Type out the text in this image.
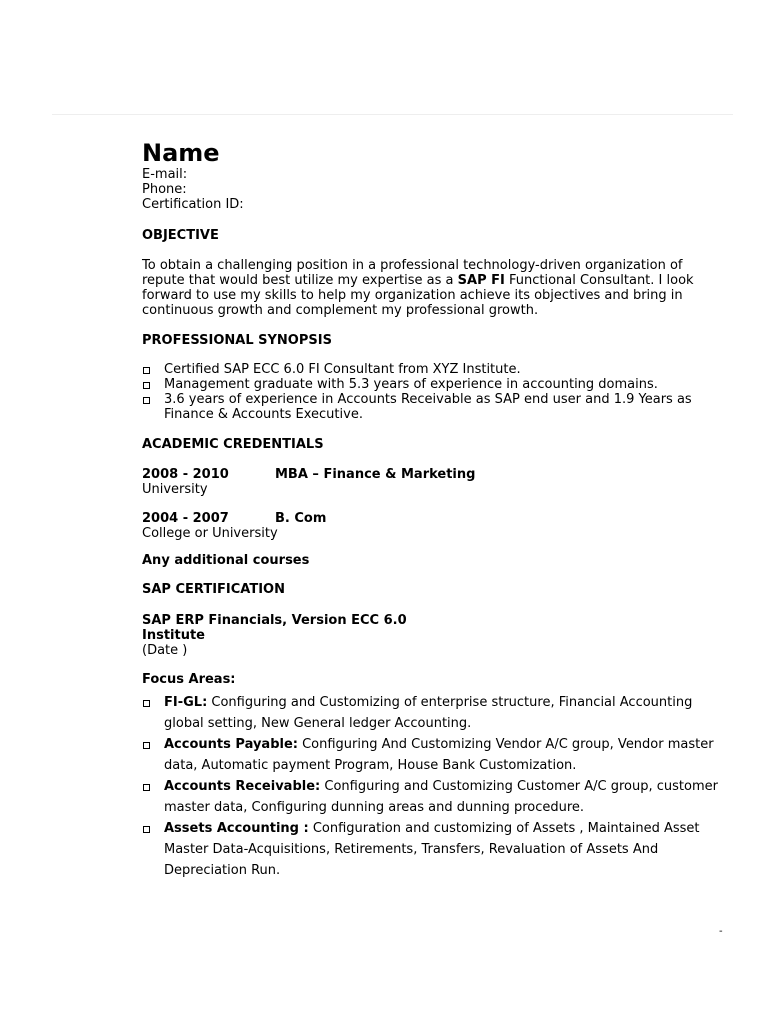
Name

E-mail:

Phone:

Certification ID:

OBJECTIVE

To obtain a challenging position in a professional technology-driven organization of repute that would best utilize my expertise as a SAP FI Functional Consultant. I look forward to use my skills to help my organization achieve its objectives and bring in continuous growth and complement my professional growth.

PROFESSIONAL SYNOPSIS

Certified SAP ECC 6.0 FI Consultant from XYZ Institute.
Management graduate with 5.3 years of experience in accounting domains.
3.6 years of experience in Accounts Receivable as SAP end user and 1.9 Years as Finance & Accounts Executive.

ACADEMIC CREDENTIALS

2008 - 2010	MBA – Finance & Marketing

University

2004 - 2007	B. Com

College or University

Any additional courses

SAP CERTIFICATION

SAP ERP Financials, Version ECC 6.0

Institute

(Date )

Focus Areas:

FI-GL: Configuring and Customizing of enterprise structure, Financial Accounting global setting, New General ledger Accounting.
Accounts Payable: Configuring And Customizing Vendor A/C group, Vendor master data, Automatic payment Program, House Bank Customization.
Accounts Receivable: Configuring and Customizing Customer A/C group, customer master data, Configuring dunning areas and dunning procedure.
Assets Accounting : Configuration and customizing of Assets , Maintained Asset Master Data-Acquisitions, Retirements, Transfers, Revaluation of Assets And Depreciation Run.
-
